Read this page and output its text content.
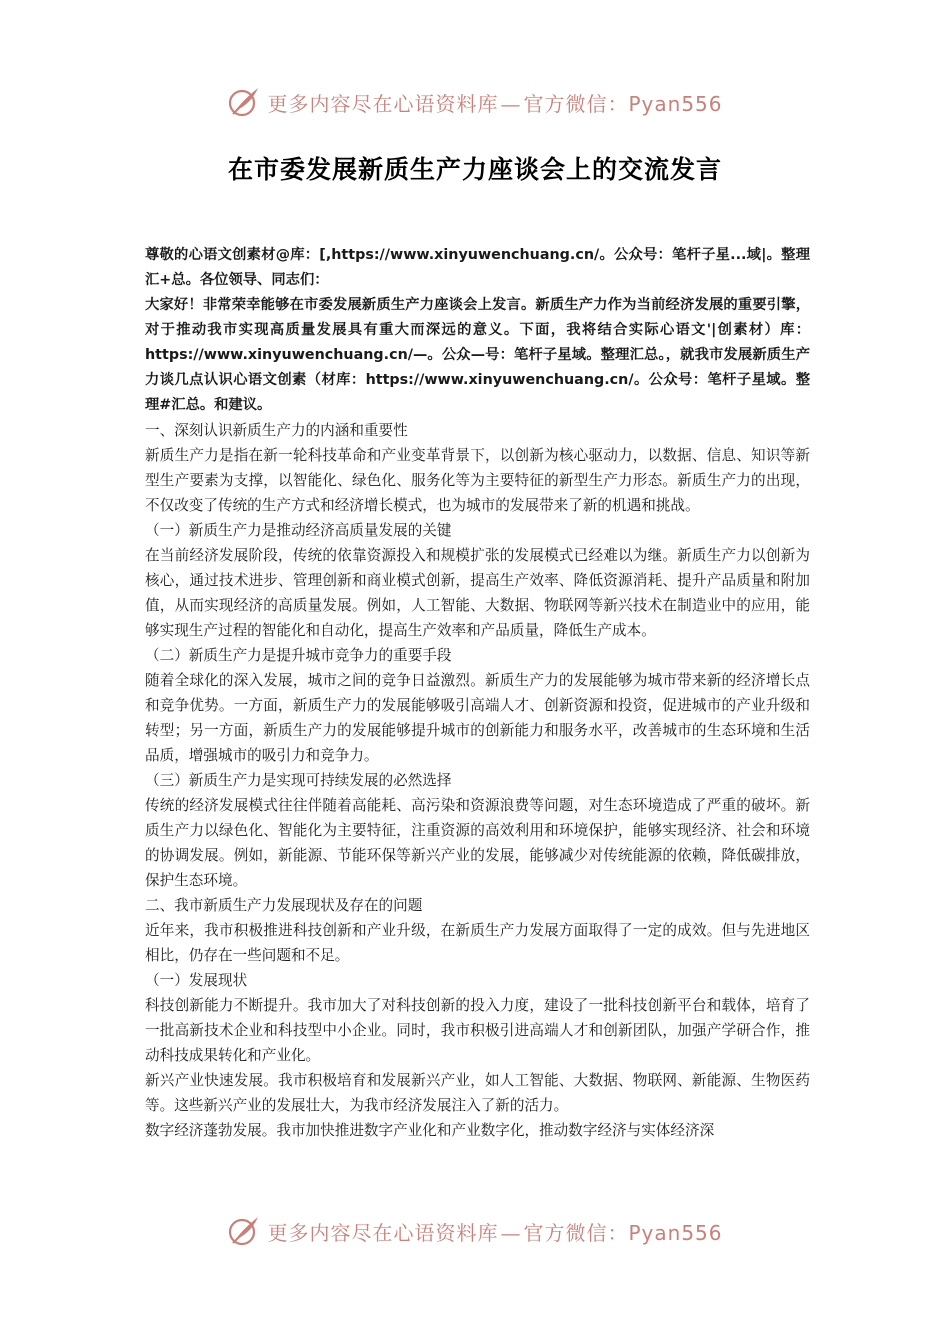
更多内容尽在心语资料库 — 官方微信：Pyan556
在市委发展新质生产力座谈会上的交流发言

尊敬的心语文创素材@库：[,https://www.xinyuwenchuang.cn/。公众号：笔杆子星...域|。整理汇+总。各位领导、同志们：

大家好！非常荣幸能够在市委发展新质生产力座谈会上发言。新质生产力作为当前经济发展的重要引擎，对于推动我市实现高质量发展具有重大而深远的意义。下面，我将结合实际心语文'|创素材）库：https://www.xinyuwenchuang.cn/—。公众—号：笔杆子星域。整理汇总。，就我市发展新质生产力谈几点认识心语文创素（材库：https://www.xinyuwenchuang.cn/。公众号：笔杆子星域。整理#汇总。和建议。

一、深刻认识新质生产力的内涵和重要性

新质生产力是指在新一轮科技革命和产业变革背景下，以创新为核心驱动力，以数据、信息、知识等新型生产要素为支撑，以智能化、绿色化、服务化等为主要特征的新型生产力形态。新质生产力的出现，不仅改变了传统的生产方式和经济增长模式，也为城市的发展带来了新的机遇和挑战。

（一）新质生产力是推动经济高质量发展的关键

在当前经济发展阶段，传统的依靠资源投入和规模扩张的发展模式已经难以为继。新质生产力以创新为核心，通过技术进步、管理创新和商业模式创新，提高生产效率、降低资源消耗、提升产品质量和附加值，从而实现经济的高质量发展。例如，人工智能、大数据、物联网等新兴技术在制造业中的应用，能够实现生产过程的智能化和自动化，提高生产效率和产品质量，降低生产成本。

（二）新质生产力是提升城市竞争力的重要手段

随着全球化的深入发展，城市之间的竞争日益激烈。新质生产力的发展能够为城市带来新的经济增长点和竞争优势。一方面，新质生产力的发展能够吸引高端人才、创新资源和投资，促进城市的产业升级和转型；另一方面，新质生产力的发展能够提升城市的创新能力和服务水平，改善城市的生态环境和生活品质，增强城市的吸引力和竞争力。

（三）新质生产力是实现可持续发展的必然选择

传统的经济发展模式往往伴随着高能耗、高污染和资源浪费等问题，对生态环境造成了严重的破坏。新质生产力以绿色化、智能化为主要特征，注重资源的高效利用和环境保护，能够实现经济、社会和环境的协调发展。例如，新能源、节能环保等新兴产业的发展，能够减少对传统能源的依赖，降低碳排放，保护生态环境。

二、我市新质生产力发展现状及存在的问题

近年来，我市积极推进科技创新和产业升级，在新质生产力发展方面取得了一定的成效。但与先进地区相比，仍存在一些问题和不足。

（一）发展现状

科技创新能力不断提升。我市加大了对科技创新的投入力度，建设了一批科技创新平台和载体，培育了一批高新技术企业和科技型中小企业。同时，我市积极引进高端人才和创新团队，加强产学研合作，推动科技成果转化和产业化。

新兴产业快速发展。我市积极培育和发展新兴产业，如人工智能、大数据、物联网、新能源、生物医药等。这些新兴产业的发展壮大，为我市经济发展注入了新的活力。

数字经济蓬勃发展。我市加快推进数字产业化和产业数字化，推动数字经济与实体经济深

更多内容尽在心语资料库 — 官方微信：Pyan556
